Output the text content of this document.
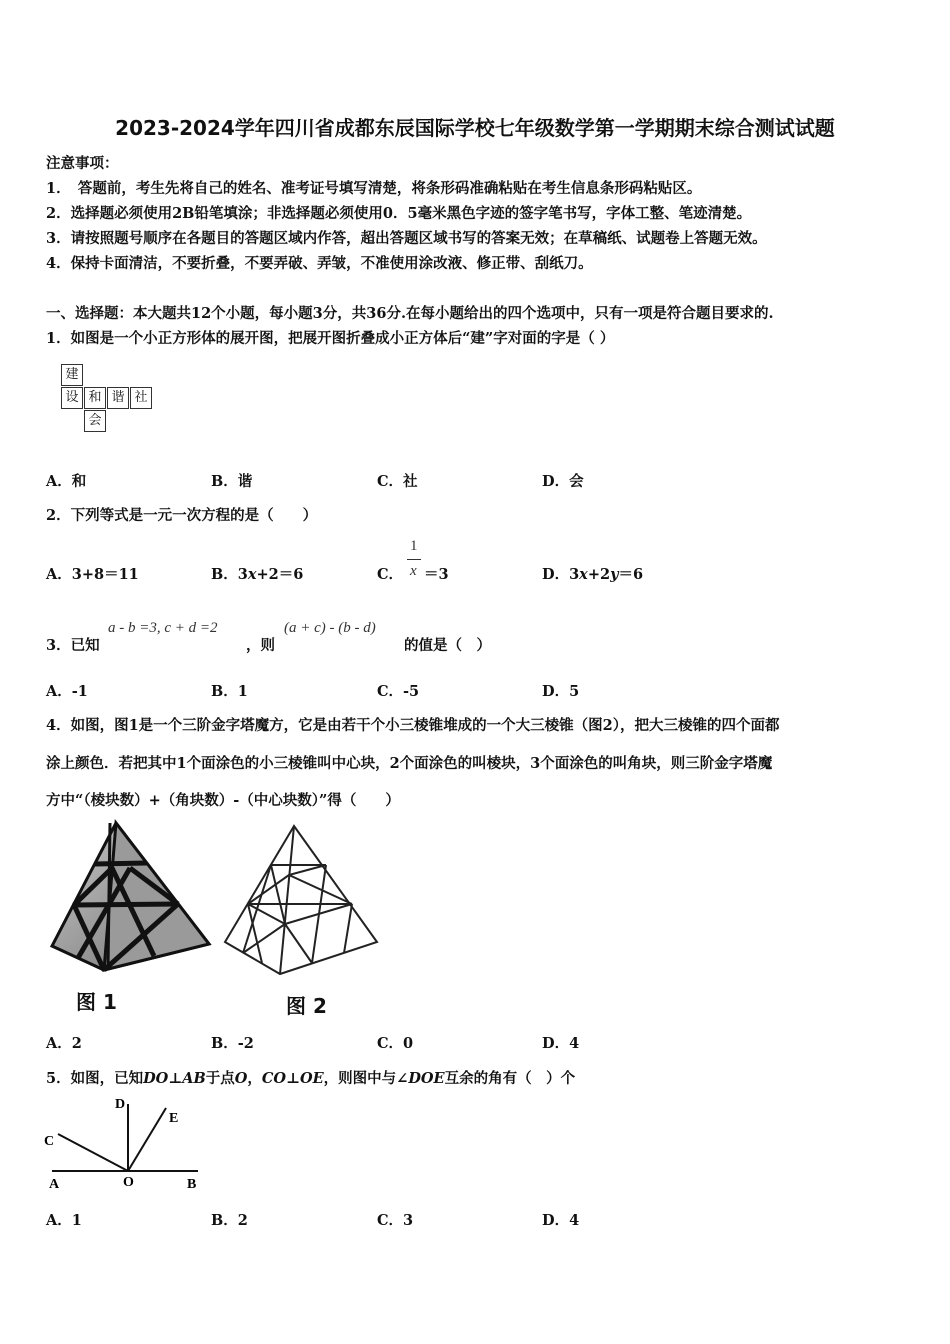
2023-2024学年四川省成都东辰国际学校七年级数学第一学期期末综合测试试题
注意事项：
1．　答题前，考生先将自己的姓名、准考证号填写清楚，将条形码准确粘贴在考生信息条形码粘贴区。
2．选择题必须使用2B铅笔填涂；非选择题必须使用0．5毫米黑色字迹的签字笔书写，字体工整、笔迹清楚。
3．请按照题号顺序在各题目的答题区域内作答，超出答题区域书写的答案无效；在草稿纸、试题卷上答题无效。
4．保持卡面清洁，不要折叠，不要弄破、弄皱，不准使用涂改液、修正带、刮纸刀。
一、选择题：本大题共12个小题，每小题3分，共36分.在每小题给出的四个选项中，只有一项是符合题目要求的.
1．如图是一个小正方形体的展开图，把展开图折叠成小正方体后“建”字对面的字是（ ）
建
设 和 谐 社
会
A．和	B．谐	C．社	D．会
2．下列等式是一元一次方程的是（　　）
A．3+8＝11	B．3x+2＝6	C．
1
x ＝3	D．3x+2y＝6
3．已知
a - b =3, c + d =2
，则
(a + c) - (b - d)
的值是（　）
A．-1	B．1	C．-5	D．5
4．如图，图1是一个三阶金字塔魔方，它是由若干个小三棱锥堆成的一个大三棱锥（图2），把大三棱锥的四个面都
涂上颜色．若把其中1个面涂色的小三棱锥叫中心块，2个面涂色的叫棱块，3个面涂色的叫角块，则三阶金字塔魔
方中“（棱块数）+（角块数）-（中心块数）”得（　　）
图 1	图 2
A．2	B．-2	C．0	D．4
5．如图，已知DO⊥AB于点O，CO⊥OE，则图中与∠DOE互余的角有（　）个
D
E
C
A	O	B
A．1	B．2	C．3	D．4
